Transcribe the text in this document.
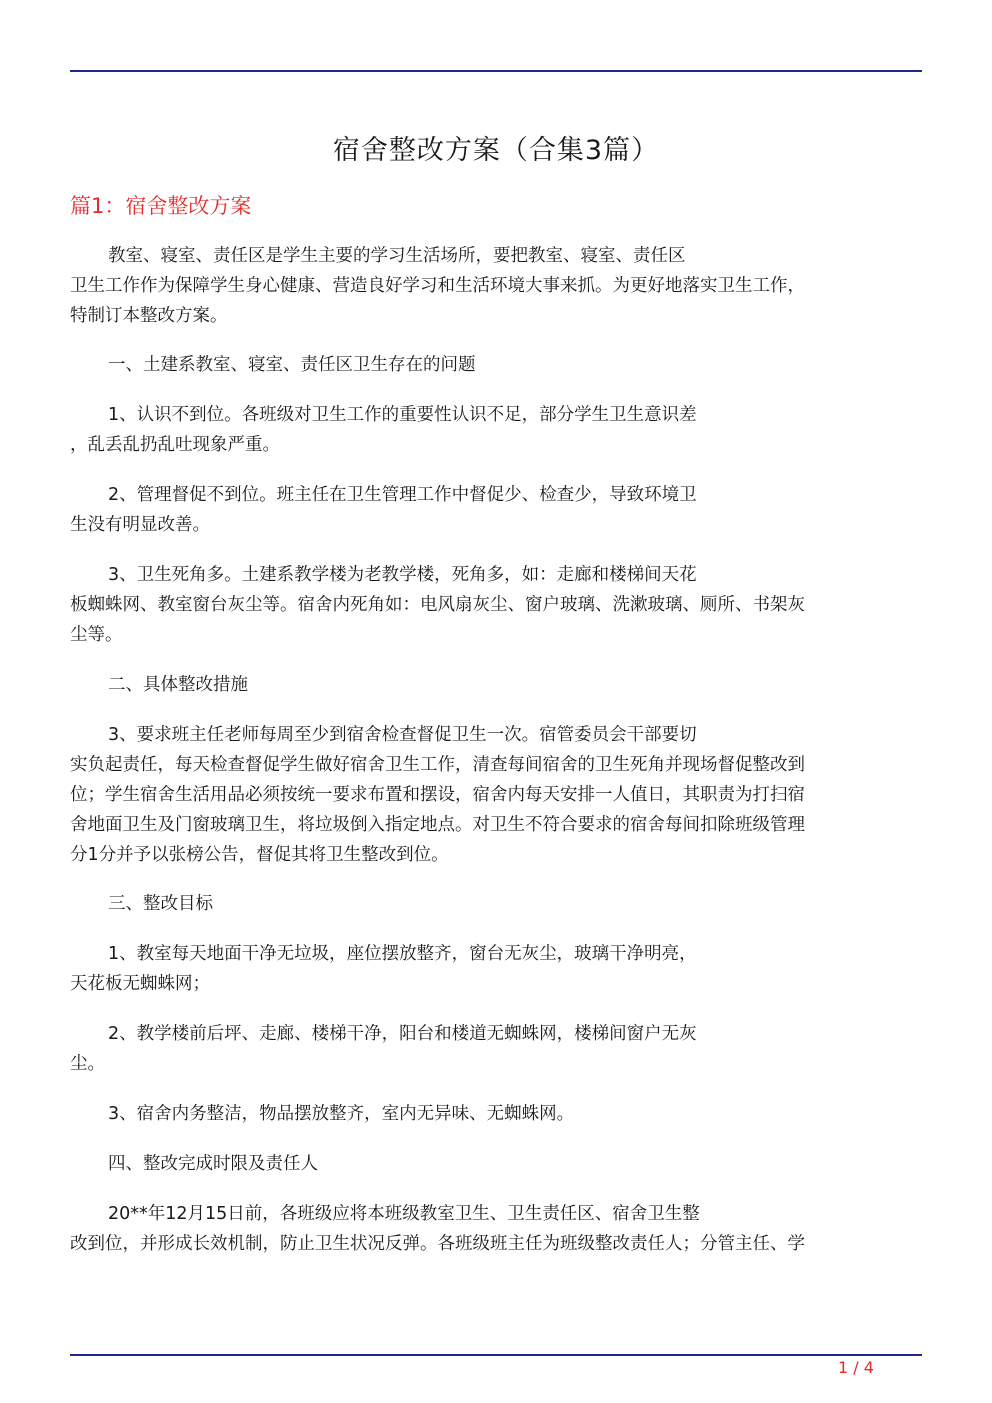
宿舍整改方案（合集3篇）
篇1：宿舍整改方案
教室、寝室、责任区是学生主要的学习生活场所，要把教室、寝室、责任区
卫生工作作为保障学生身心健康、营造良好学习和生活环境大事来抓。为更好地落实卫生工作，
特制订本整改方案。
一、土建系教室、寝室、责任区卫生存在的问题
1、认识不到位。各班级对卫生工作的重要性认识不足，部分学生卫生意识差
，乱丢乱扔乱吐现象严重。
2、管理督促不到位。班主任在卫生管理工作中督促少、检查少，导致环境卫
生没有明显改善。
3、卫生死角多。土建系教学楼为老教学楼，死角多，如：走廊和楼梯间天花
板蜘蛛网、教室窗台灰尘等。宿舍内死角如：电风扇灰尘、窗户玻璃、洗漱玻璃、厕所、书架灰
尘等。
二、具体整改措施
3、要求班主任老师每周至少到宿舍检查督促卫生一次。宿管委员会干部要切
实负起责任，每天检查督促学生做好宿舍卫生工作，清查每间宿舍的卫生死角并现场督促整改到
位；学生宿舍生活用品必须按统一要求布置和摆设，宿舍内每天安排一人值日，其职责为打扫宿
舍地面卫生及门窗玻璃卫生，将垃圾倒入指定地点。对卫生不符合要求的宿舍每间扣除班级管理
分1分并予以张榜公告，督促其将卫生整改到位。
三、整改目标
1、教室每天地面干净无垃圾，座位摆放整齐，窗台无灰尘，玻璃干净明亮，
天花板无蜘蛛网；
2、教学楼前后坪、走廊、楼梯干净，阳台和楼道无蜘蛛网，楼梯间窗户无灰
尘。
3、宿舍内务整洁，物品摆放整齐，室内无异味、无蜘蛛网。
四、整改完成时限及责任人
20**年12月15日前，各班级应将本班级教室卫生、卫生责任区、宿舍卫生整
改到位，并形成长效机制，防止卫生状况反弹。各班级班主任为班级整改责任人；分管主任、学
1 / 4
